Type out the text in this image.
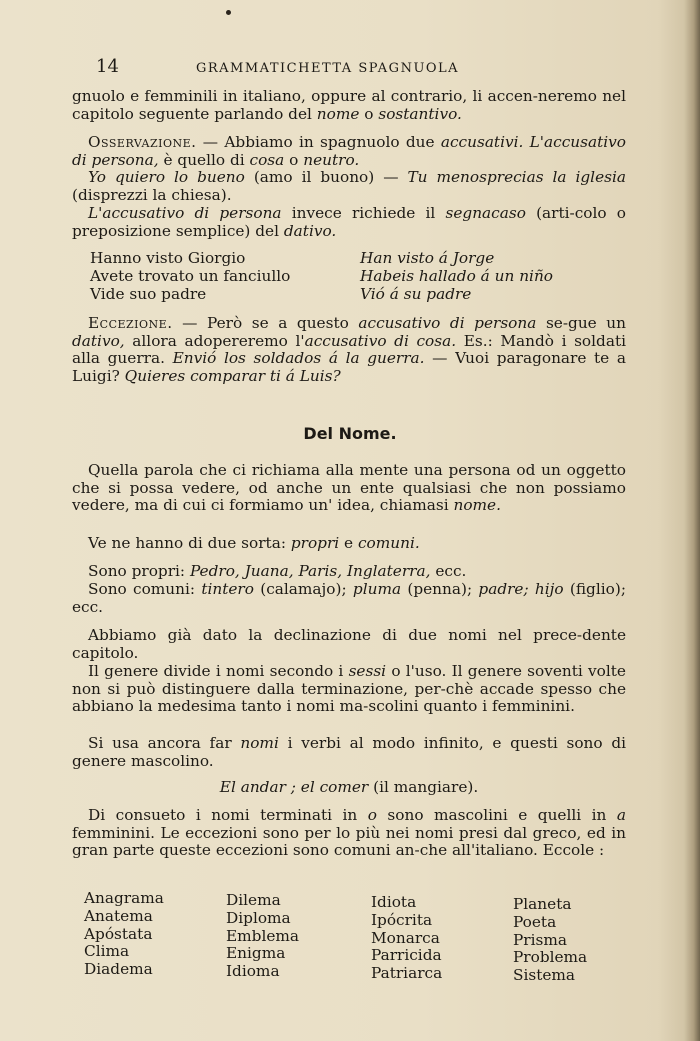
14	GRAMMATICHETTA SPAGNUOLA

gnuolo e femminili in italiano, oppure al contrario, li accen-neremo nel capitolo seguente parlando del nome o sostantivo.

Osservazione. — Abbiamo in spagnuolo due accusativi. L'accusativo di persona, è quello di cosa o neutro.

Yo quiero lo bueno (amo il buono) — Tu menosprecias la iglesia (disprezzi la chiesa).

L'accusativo di persona invece richiede il segnacaso (arti-colo o preposizione semplice) del dativo.

Hanno visto Giorgio
Avete trovato un fanciullo
Vide suo padre
Han visto á Jorge
Habeis hallado á un niño
Vió á su padre

Eccezione. — Però se a questo accusativo di persona se-gue un dativo, allora adopereremo l'accusativo di cosa. Es.: Mandò i soldati alla guerra. Envió los soldados á la guerra. — Vuoi paragonare te a Luigi? Quieres comparar ti á Luis?

Del Nome.

Quella parola che ci richiama alla mente una persona od un oggetto che si possa vedere, od anche un ente qualsiasi che non possiamo vedere, ma di cui ci formiamo un' idea, chiamasi nome.

Ve ne hanno di due sorta: propri e comuni.

Sono propri: Pedro, Juana, Paris, Inglaterra, ecc.

Sono comuni: tintero (calamajo); pluma (penna); padre; hijo (figlio); ecc.

Abbiamo già dato la declinazione di due nomi nel prece-dente capitolo.

Il genere divide i nomi secondo i sessi o l'uso. Il genere soventi volte non si può distinguere dalla terminazione, per-chè accade spesso che abbiano la medesima tanto i nomi ma-scolini quanto i femminini.

Si usa ancora far nomi i verbi al modo infinito, e questi sono di genere mascolino.

El andar ; el comer (il mangiare).

Di consueto i nomi terminati in o sono mascolini e quelli in a femminini. Le eccezioni sono per lo più nei nomi presi dal greco, ed in gran parte queste eccezioni sono comuni an-che all'italiano. Eccole :

Anagrama
Anatema
Apóstata
Clima
Diadema
Dilema
Diploma
Emblema
Enigma
Idioma
Idiota
Ipócrita
Monarca
Parricida
Patriarca
Planeta
Poeta
Prisma
Problema
Sistema
